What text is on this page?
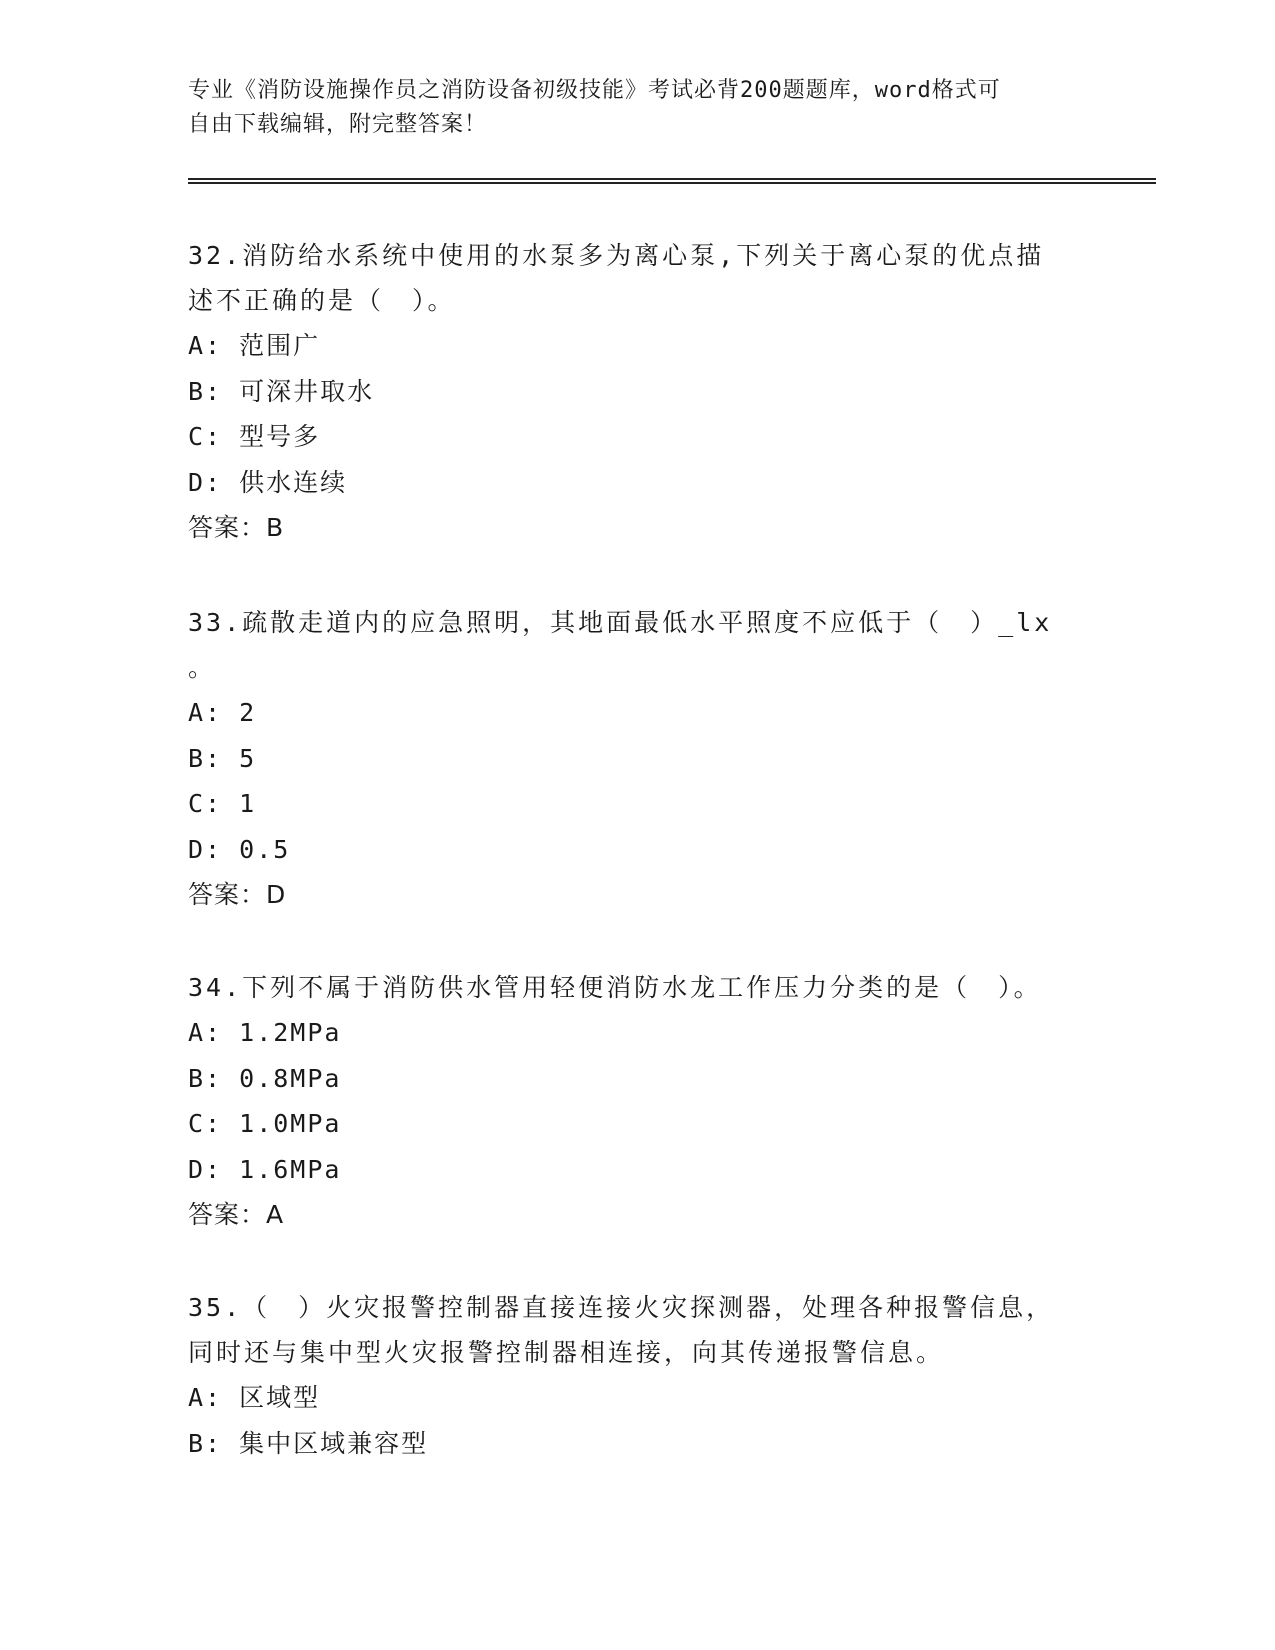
专业《消防设施操作员之消防设备初级技能》考试必背200题题库，word格式可
自由下载编辑，附完整答案！

32.消防给水系统中使用的水泵多为离心泵,下列关于离心泵的优点描

述不正确的是（　）。

A: 范围广

B: 可深井取水

C: 型号多

D: 供水连续

答案：B

33.疏散走道内的应急照明，其地面最低水平照度不应低于（　）_lx

。

A: 2

B: 5

C: 1

D: 0.5

答案：D

34.下列不属于消防供水管用轻便消防水龙工作压力分类的是（　）。

A: 1.2MPa

B: 0.8MPa

C: 1.0MPa

D: 1.6MPa

答案：A

35.（　）火灾报警控制器直接连接火灾探测器，处理各种报警信息，

同时还与集中型火灾报警控制器相连接，向其传递报警信息。

A: 区域型

B: 集中区域兼容型
